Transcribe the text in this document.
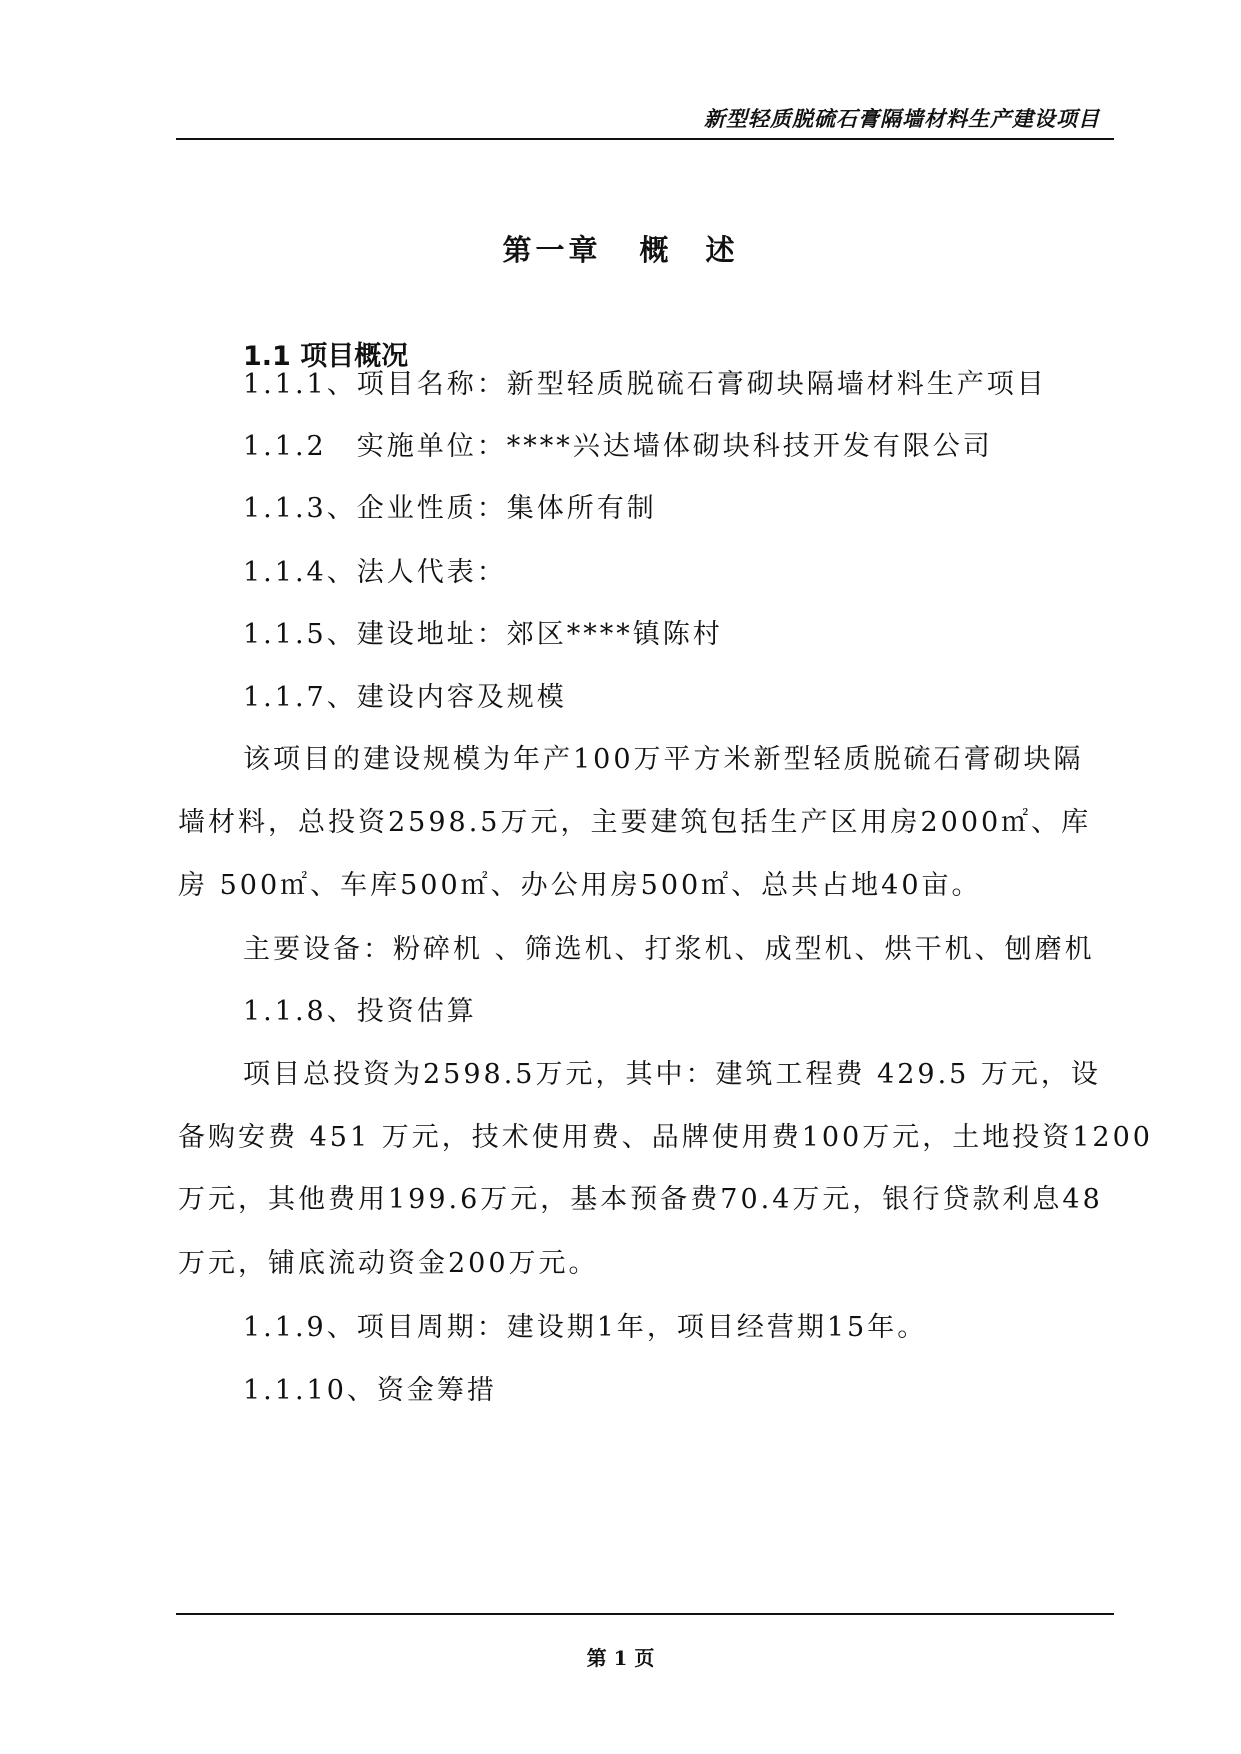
新型轻质脱硫石膏隔墙材料生产建设项目
第一章 概　述
1.1 项目概况
1.1.1、项目名称：新型轻质脱硫石膏砌块隔墙材料生产项目
1.1.2　实施单位：****兴达墙体砌块科技开发有限公司
1.1.3、企业性质：集体所有制
1.1.4、法人代表：
1.1.5、建设地址：郊区****镇陈村
1.1.7、建设内容及规模
该项目的建设规模为年产100万平方米新型轻质脱硫石膏砌块隔
墙材料，总投资2598.5万元，主要建筑包括生产区用房2000㎡、库
房 500㎡、车库500㎡、办公用房500㎡、总共占地40亩。
主要设备：粉碎机 、筛选机、打浆机、成型机、烘干机、刨磨机
1.1.8、投资估算
项目总投资为2598.5万元，其中：建筑工程费 429.5 万元，设
备购安费 451 万元，技术使用费、品牌使用费100万元，土地投资1200
万元，其他费用199.6万元，基本预备费70.4万元，银行贷款利息48
万元，铺底流动资金200万元。
1.1.9、项目周期：建设期1年，项目经营期15年。
1.1.10、资金筹措
第 1 页
